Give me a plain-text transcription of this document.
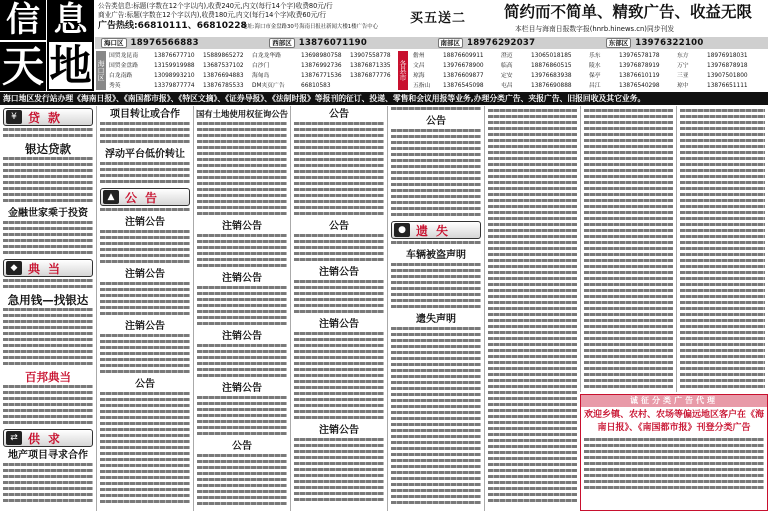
信 息
天 地
公告类信息:标题(字数在12个字以内),收费240元,内文(每行14个字)收费80元/行
商业广告:标题(字数在12个字以内),收费180元,内文(每行14个字)收费60元/行
广告热线:66810111、66810228
地址:海口市金盘路30号海南日报社新闻大楼1楼广告中心
买五送二 简约而不简单、精致广告、收益无限
本栏目与海南日报数字报(hnrb.hinews.cn)同步刊发
海口区 18976566883	西部区 13876071190	南部区 18976292037	东部区 13976322100
海口区
国贸龙昆南	13876677710	15889865272	白龙龙华路	13698980758	13907558778
国贸金盘路	13159919988	13687537102	白沙门	13876992736	13876871335
白龙南路	13098993210	13876694883	海甸岛	13876771536	13876877776
秀英	13379877774	13876785533	DM夹页广告	66810583
各县市
儋州	18876609911	澄迈	13065018185	乐东	13976578178	东方	18976918031
文昌	13976678900	临高	18876860515	陵水	13976878919	万宁	13976878918
琼海	13876609877	定安	13976683938	保亭	13876610119	三亚	13907501800
五指山 13876545098	屯昌	13876690888	昌江	13876540298	琼中	13876651111
海口地区发行站办理《海南日报》、《南国都市报》、《特区文摘》、《证券导报》、《法制时报》等报刊的征订、投递、零售和会议用报等业务,办理分类广告、夹报广告、旧报回收及其它业务。
¥ 贷款
银达贷款
金融世家乘于投资
◆ 典当
急用钱—找银达
百邦典当
⇄ 供求
地产项目寻求合作
项目转让或合作
浮动平台低价转让
▲ 公告
注销公告
注销公告
注销公告
公告
国有土地使用权征询公告
注销公告
注销公告
注销公告
注销公告
公告
公告
公告
注销公告
注销公告
注销公告
公告
● 遗失
车辆被盗声明
遗失声明
诚征分类广告代理
欢迎乡镇、农村、农场等偏远地区客户在《海南日报》、《南国都市报》刊登分类广告
